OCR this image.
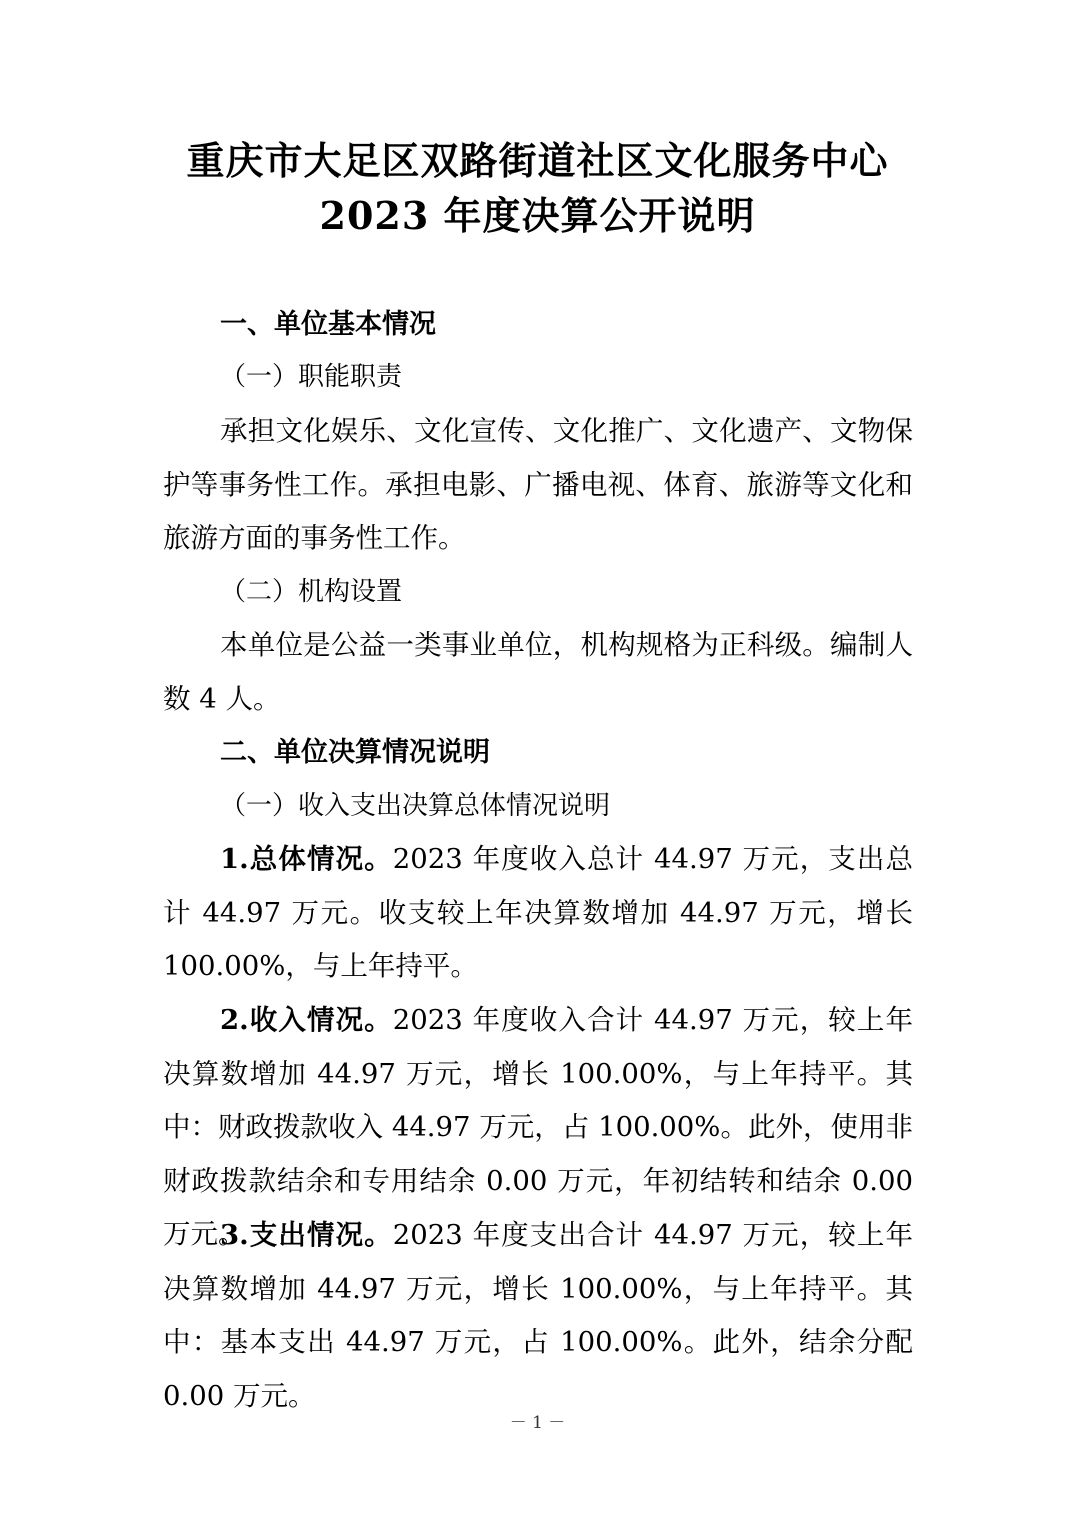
重庆市大足区双路街道社区文化服务中心
2023 年度决算公开说明
一、单位基本情况
（一）职能职责
承担文化娱乐、文化宣传、文化推广、文化遗产、文物保护等事务性工作。承担电影、广播电视、体育、旅游等文化和旅游方面的事务性工作。
（二）机构设置
本单位是公益一类事业单位，机构规格为正科级。编制人数 4 人。
二、单位决算情况说明
（一）收入支出决算总体情况说明
1.总体情况。2023 年度收入总计 44.97 万元，支出总计 44.97 万元。收支较上年决算数增加 44.97 万元，增长 100.00%，与上年持平。
2.收入情况。2023 年度收入合计 44.97 万元，较上年决算数增加 44.97 万元，增长 100.00%，与上年持平。其中：财政拨款收入 44.97 万元，占 100.00%。此外，使用非财政拨款结余和专用结余 0.00 万元，年初结转和结余 0.00 万元。
3.支出情况。2023 年度支出合计 44.97 万元，较上年决算数增加 44.97 万元，增长 100.00%，与上年持平。其中：基本支出 44.97 万元，占 100.00%。此外，结余分配 0.00 万元。
－ 1 －
